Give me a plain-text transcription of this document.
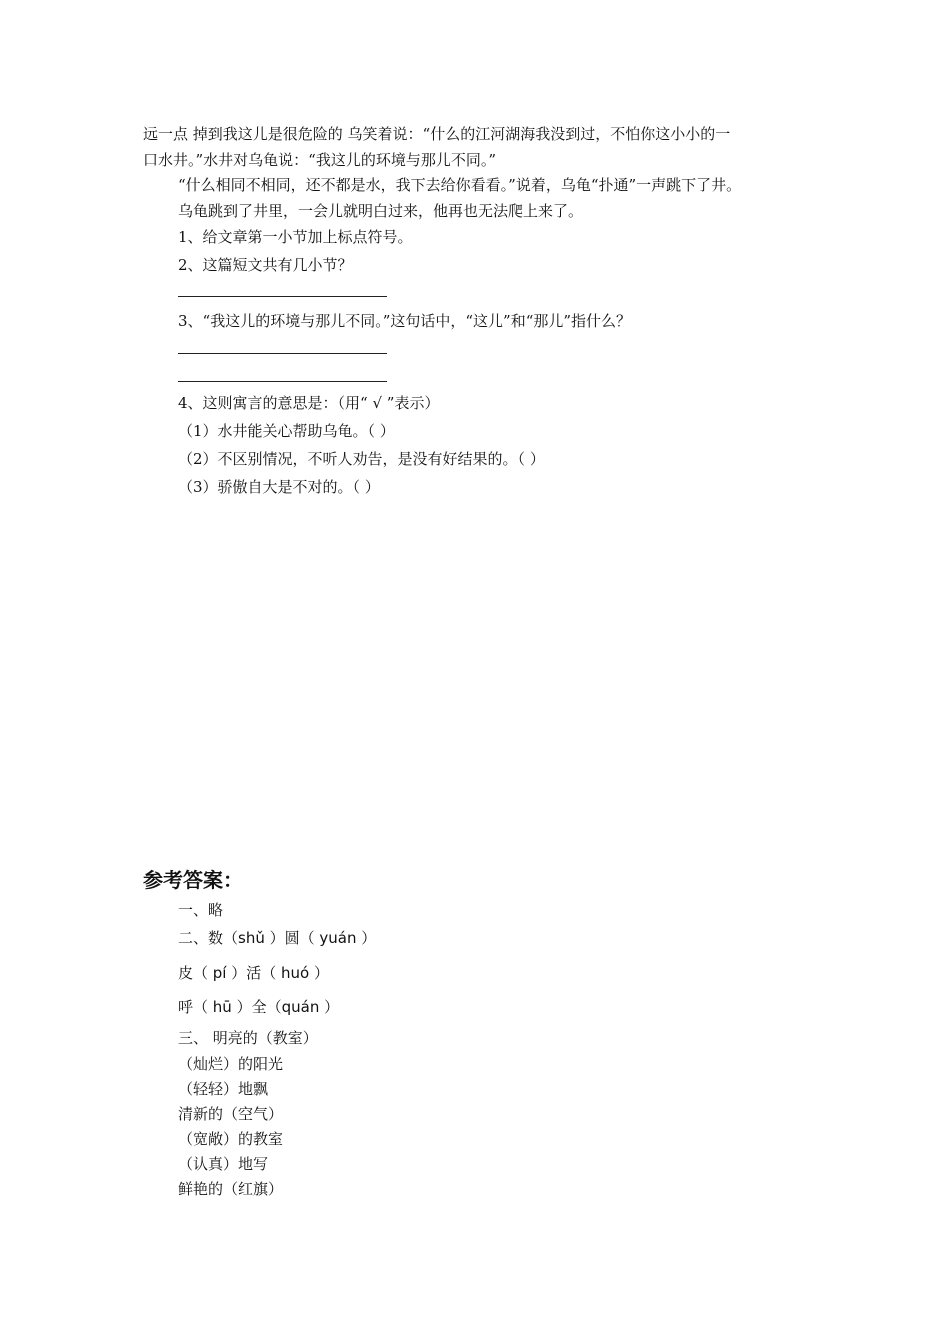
远一点 掉到我这儿是很危险的 乌笑着说：“什么的江河湖海我没到过，不怕你这小小的一
口水井。”水井对乌龟说：“我这儿的环境与那儿不同。”
“什么相同不相同，还不都是水，我下去给你看看。”说着，乌龟“扑通”一声跳下了井。
乌龟跳到了井里，一会儿就明白过来，他再也无法爬上来了。
1、给文章第一小节加上标点符号。
2、这篇短文共有几小节？
3、“我这儿的环境与那儿不同。”这句话中，“这儿”和“那儿”指什么？
4、这则寓言的意思是：（用“ √ ”表示）
（1）水井能关心帮助乌龟。（ ）
（2）不区别情况，不听人劝告，是没有好结果的。（ ）
（3）骄傲自大是不对的。（ ）
参考答案：
一、略
二、数（shǔ ）圆（ yuán ）
皮（ pí ）活（ huó ）
呼（ hū ）全（quán ）
三、 明亮的（教室）
（灿烂）的阳光
（轻轻）地飘
清新的（空气）
（宽敞）的教室
（认真）地写
鲜艳的（红旗）
